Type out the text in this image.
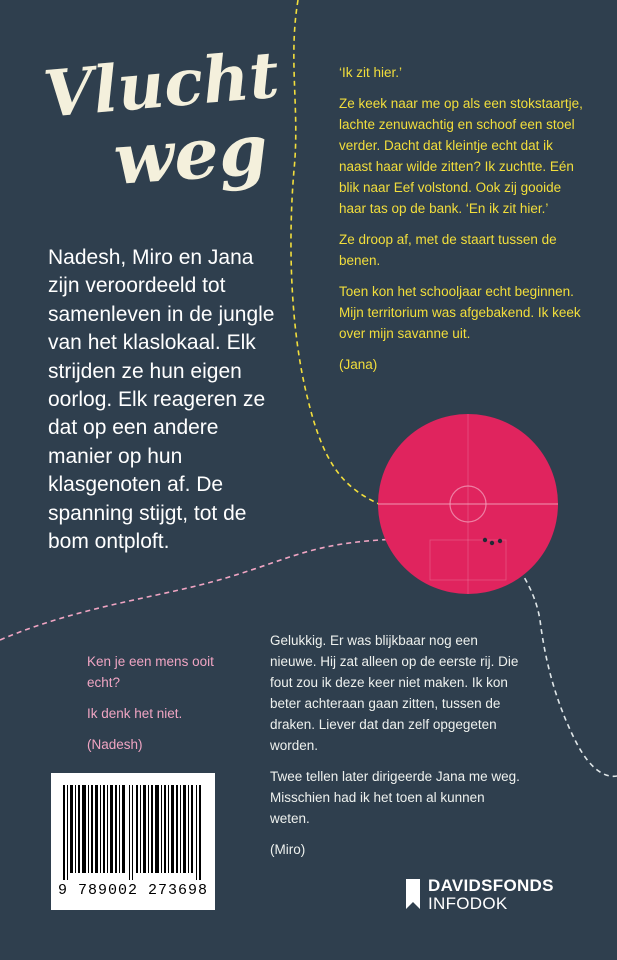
Vlucht
weg
Nadesh, Miro en Jana zijn veroordeeld tot samenleven in de jungle van het klaslokaal. Elk strijden ze hun eigen oorlog. Elk reageren ze dat op een andere manier op hun klasgenoten af. De spanning stijgt, tot de bom ontploft.

‘Ik zit hier.’

Ze keek naar me op als een stokstaartje, lachte zenuwachtig en schoof een stoel verder. Dacht dat kleintje echt dat ik naast haar wilde zitten? Ik zuchtte. Eén blik naar Eef volstond. Ook zij gooide haar tas op de bank. ‘En ik zit hier.’

Ze droop af, met de staart tussen de benen.

Toen kon het schooljaar echt beginnen. Mijn territorium was afgebakend. Ik keek over mijn savanne uit.

(Jana)

Ken je een mens ooit echt?

Ik denk het niet.

(Nadesh)

Gelukkig. Er was blijkbaar nog een nieuwe. Hij zat alleen op de eerste rij. Die fout zou ik deze keer niet maken. Ik kon beter achteraan gaan zitten, tussen de draken. Liever dat dan zelf opgegeten worden.

Twee tellen later dirigeerde Jana me weg. Misschien had ik het toen al kunnen weten.

(Miro)

9 789002 273698	DAVIDSFONDS
INFODOK
